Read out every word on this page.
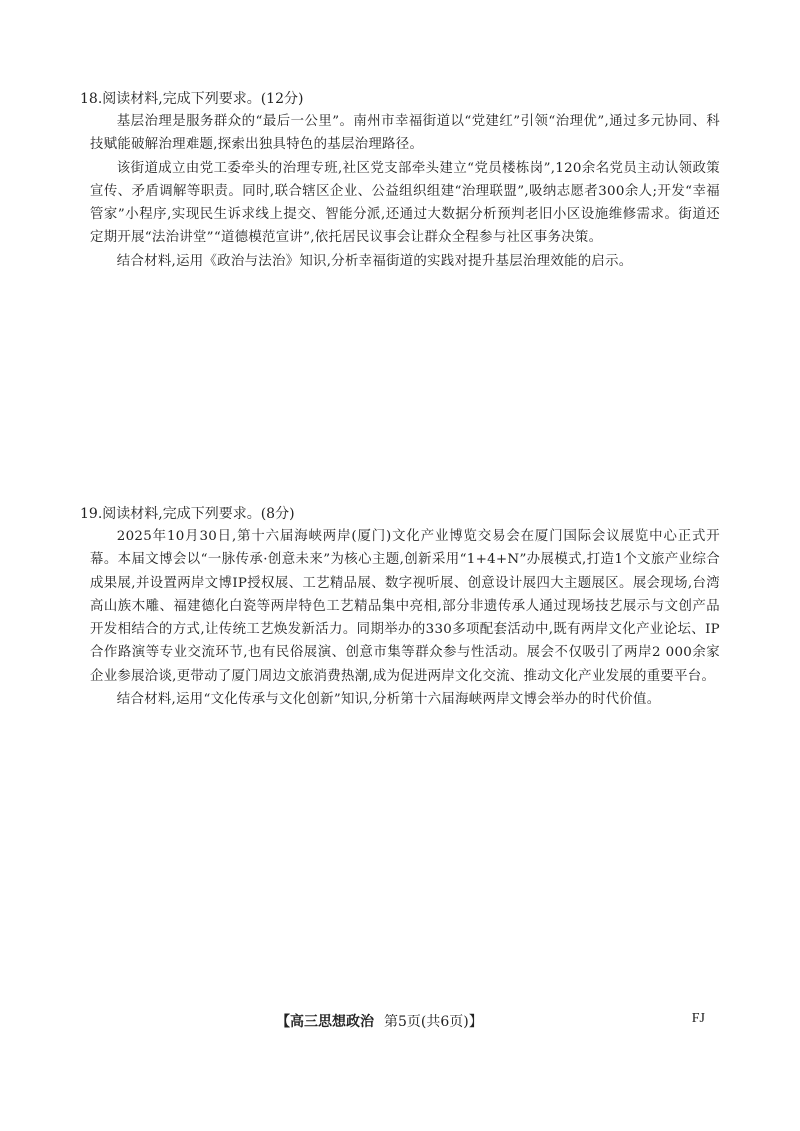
18.阅读材料,完成下列要求。(12分)

基层治理是服务群众的“最后一公里”。南州市幸福街道以“党建红”引领“治理优”,通过多元协同、科技赋能破解治理难题,探索出独具特色的基层治理路径。

该街道成立由党工委牵头的治理专班,社区党支部牵头建立“党员楼栋岗”,120余名党员主动认领政策宣传、矛盾调解等职责。同时,联合辖区企业、公益组织组建“治理联盟”,吸纳志愿者300余人;开发“幸福管家”小程序,实现民生诉求线上提交、智能分派,还通过大数据分析预判老旧小区设施维修需求。街道还定期开展“法治讲堂”“道德模范宣讲”,依托居民议事会让群众全程参与社区事务决策。

结合材料,运用《政治与法治》知识,分析幸福街道的实践对提升基层治理效能的启示。

19.阅读材料,完成下列要求。(8分)

2025年10月30日,第十六届海峡两岸(厦门)文化产业博览交易会在厦门国际会议展览中心正式开幕。本届文博会以“一脉传承·创意未来”为核心主题,创新采用“1+4+N”办展模式,打造1个文旅产业综合成果展,并设置两岸文博IP授权展、工艺精品展、数字视听展、创意设计展四大主题展区。展会现场,台湾高山族木雕、福建德化白瓷等两岸特色工艺精品集中亮相,部分非遗传承人通过现场技艺展示与文创产品开发相结合的方式,让传统工艺焕发新活力。同期举办的330多项配套活动中,既有两岸文化产业论坛、IP合作路演等专业交流环节,也有民俗展演、创意市集等群众参与性活动。展会不仅吸引了两岸2 000余家企业参展洽谈,更带动了厦门周边文旅消费热潮,成为促进两岸文化交流、推动文化产业发展的重要平台。

结合材料,运用“文化传承与文化创新”知识,分析第十六届海峡两岸文博会举办的时代价值。

【高三思想政治 第5页(共6页)】	FJ
